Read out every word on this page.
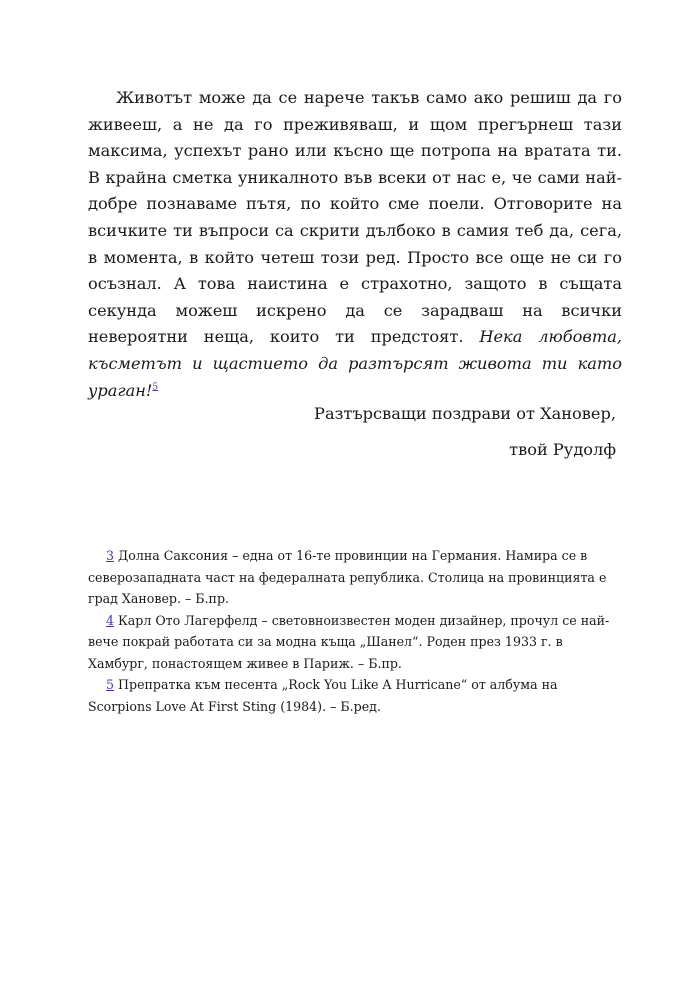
Животът може да се нарече такъв само ако решиш да го живееш, а не да го преживяваш, и щом прегърнеш тази максима, успехът рано или късно ще потропа на вратата ти. В крайна сметка уникалното във всеки от нас е, че сами най-добре познаваме пътя, по който сме поели. Отговорите на всичките ти въпроси са скрити дълбоко в самия теб да, сега, в момента, в който четеш този ред. Просто все още не си го осъзнал. А това наистина е страхотно, защото в същата секунда можеш искрено да се зарадваш на всички невероятни неща, които ти предстоят. Нека любовта, късметът и щастието да разтърсят живота ти като ураган!$^5$

Разтърсващи поздрави от Хановер,

твой Рудолф

3 Долна Саксония – една от 16-те провинции на Германия. Намира се в северозападната част на федералната република. Столица на провинцията е град Хановер. – Б.пр.

4 Карл Ото Лагерфелд – световноизвестен моден дизайнер, прочул се най-вече покрай работата си за модна къща „Шанел“. Роден през 1933 г. в Хамбург, понастоящем живее в Париж. – Б.пр.

5 Препратка към песента „Rock You Like A Hurricane“ от албума на Scorpions Love At First Sting (1984). – Б.ред.
